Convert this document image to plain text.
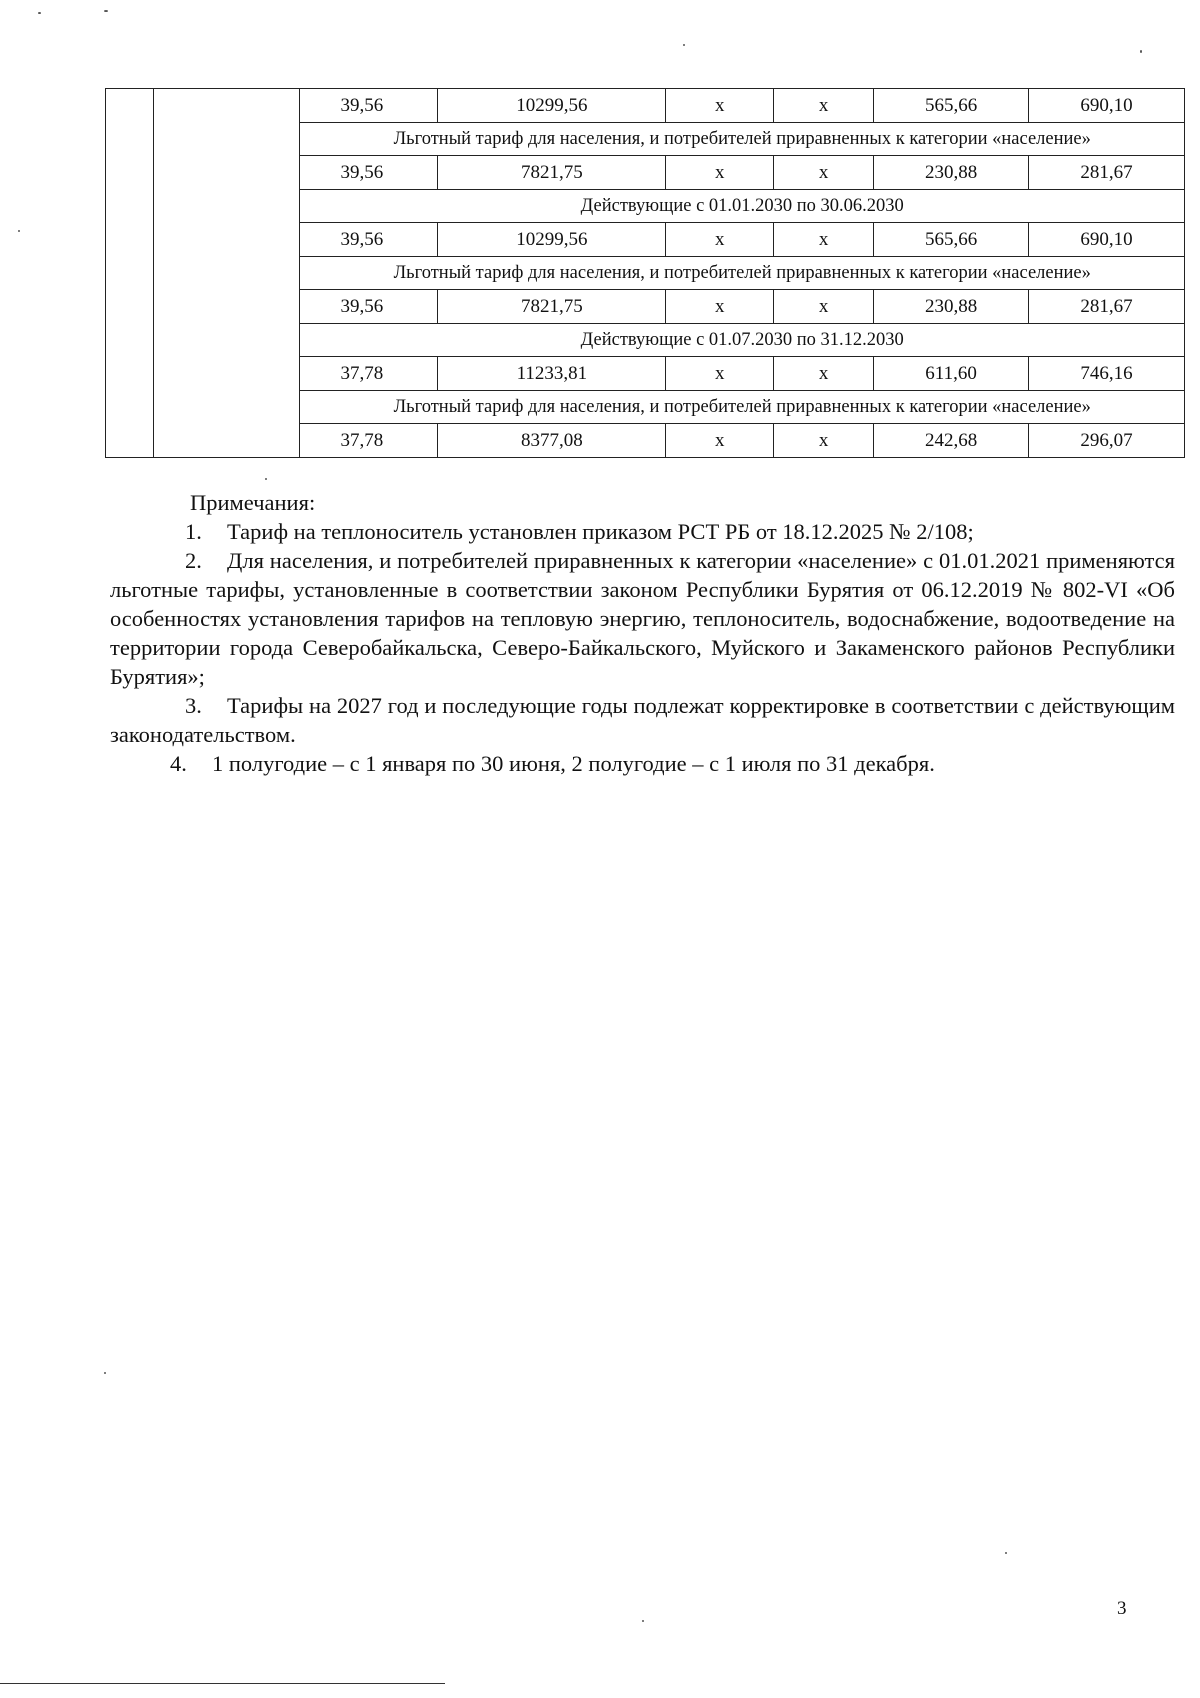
		39,56	10299,56	х	х	565,66	690,10
		Льготный тариф для населения, и потребителей приравненных к категории «население»					
		39,56	7821,75	х	х	230,88	281,67
		Действующие с 01.01.2030 по 30.06.2030					
		39,56	10299,56	х	х	565,66	690,10
		Льготный тариф для населения, и потребителей приравненных к категории «население»					
		39,56	7821,75	х	х	230,88	281,67
		Действующие с 01.07.2030 по 31.12.2030					
		37,78	11233,81	х	х	611,60	746,16
		Льготный тариф для населения, и потребителей приравненных к категории «население»					
		37,78	8377,08	х	х	242,68	296,07

Примечания:

1. Тариф на теплоноситель установлен приказом РСТ РБ от 18.12.2025 № 2/108;

2. Для населения, и потребителей приравненных к категории «население» с 01.01.2021 применяются льготные тарифы, установленные в соответствии законом Республики Бурятия от 06.12.2019 № 802-VI «Об особенностях установления тарифов на тепловую энергию, теплоноситель, водоснабжение, водоотведение на территории города Северобайкальска, Северо-Байкальского, Муйского и Закаменского районов Республики Бурятия»;

3. Тарифы на 2027 год и последующие годы подлежат корректировке в соответствии с действующим законодательством.

4. 1 полугодие – с 1 января по 30 июня, 2 полугодие – с 1 июля по 31 декабря.

3
